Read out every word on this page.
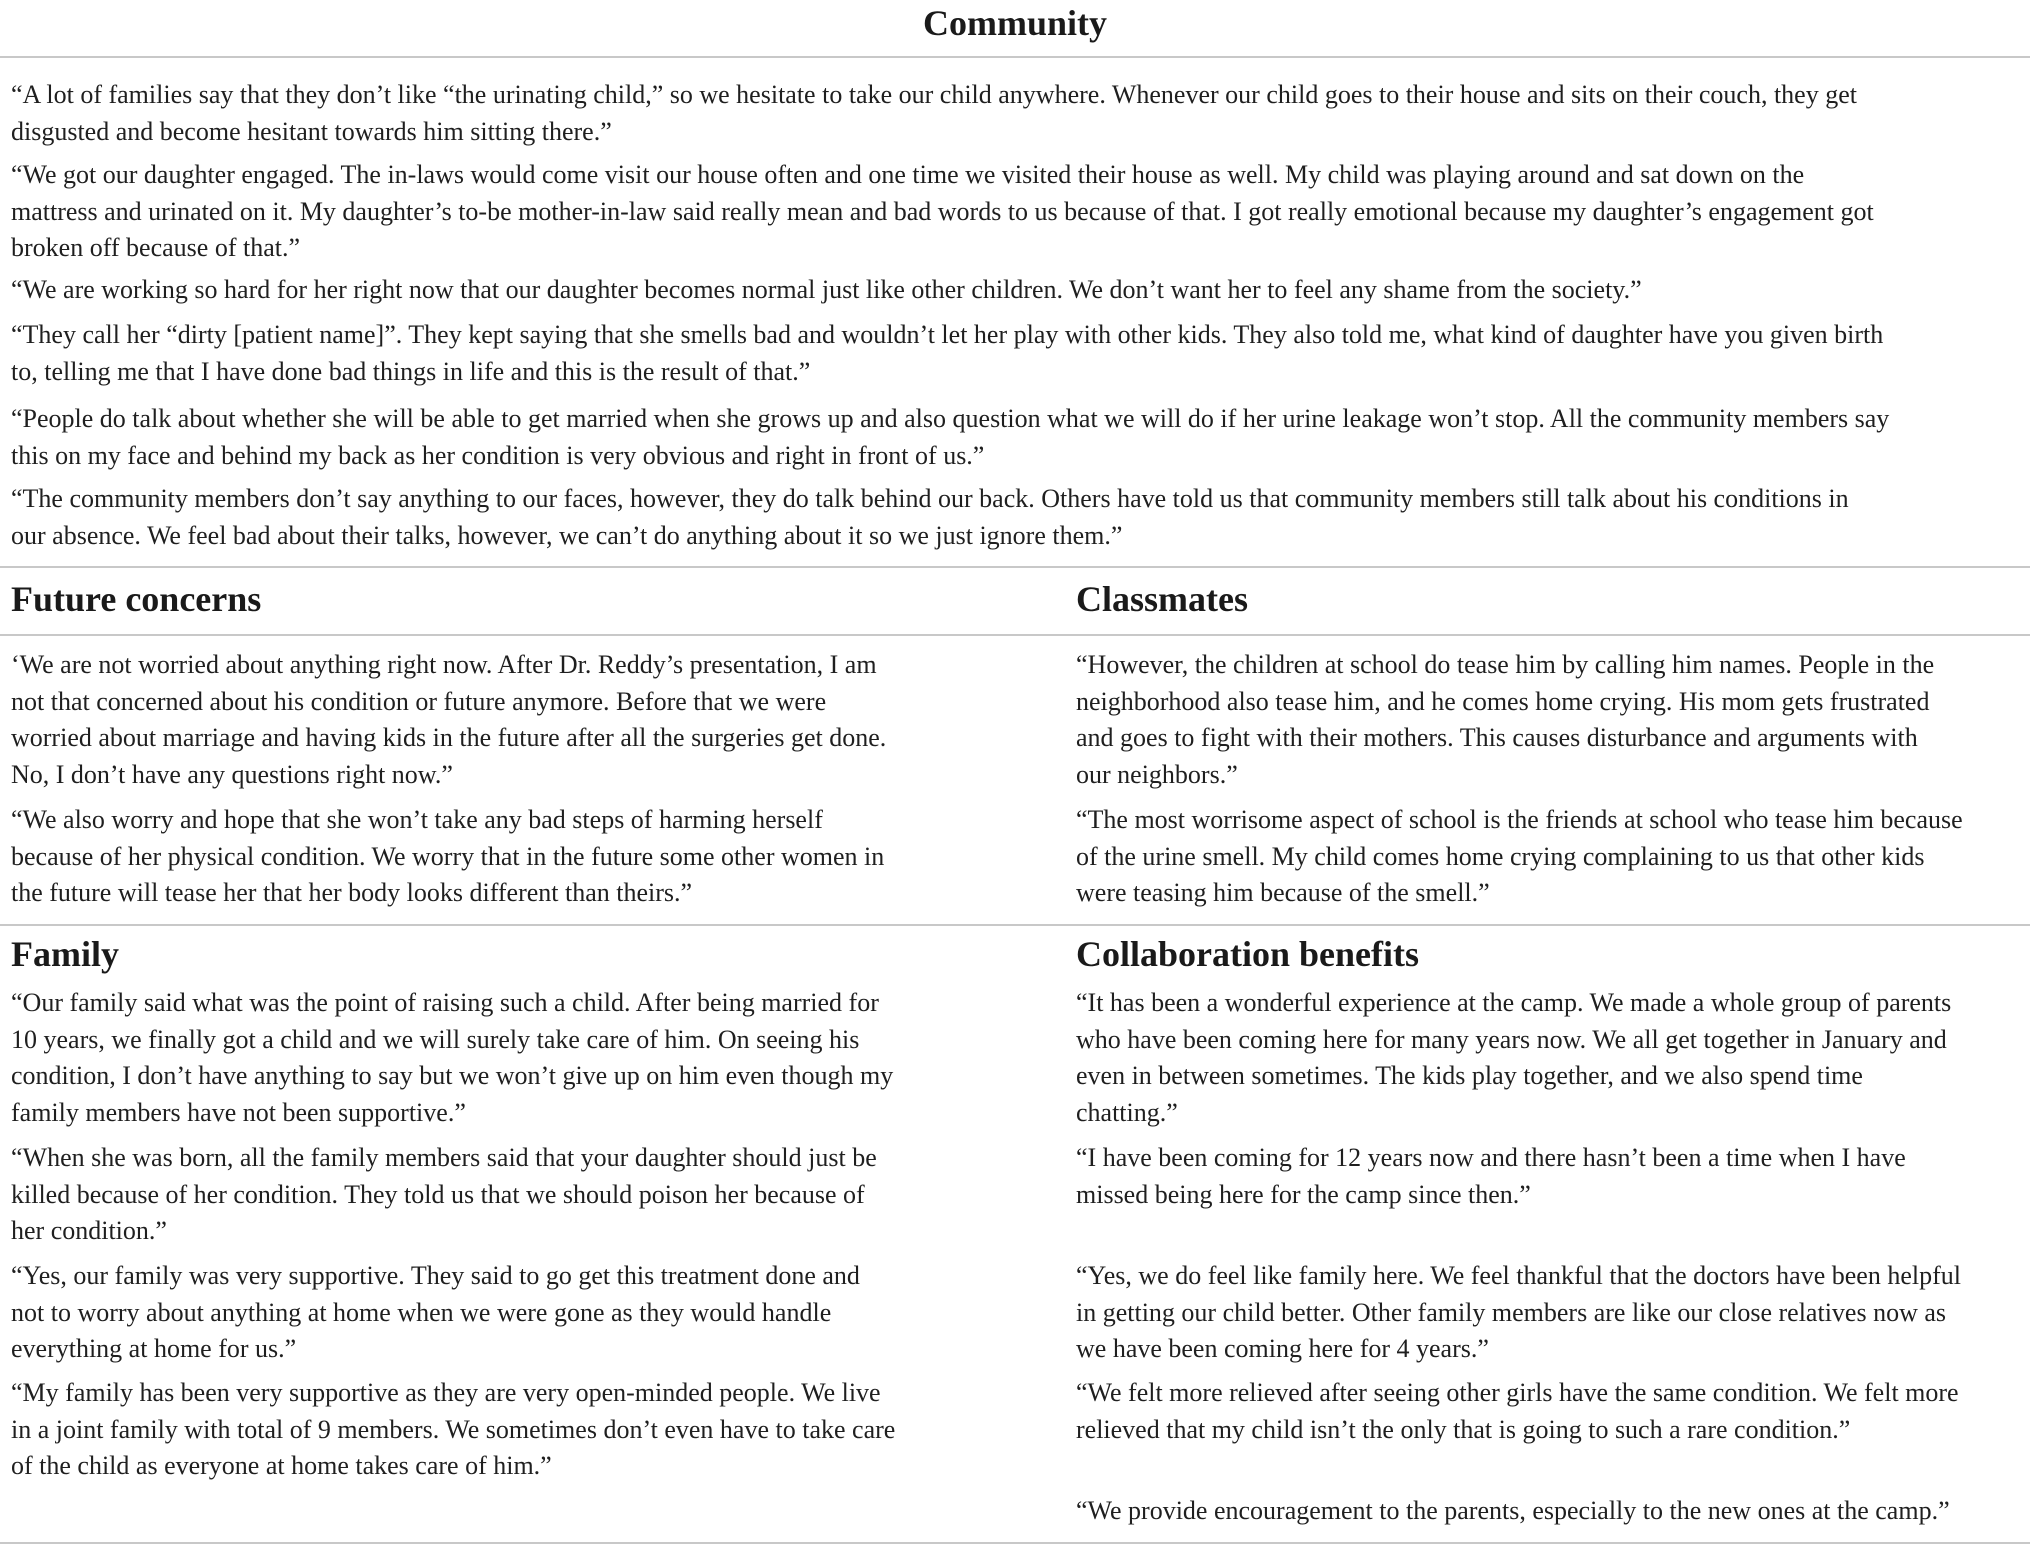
Community

“A lot of families say that they don’t like “the urinating child,” so we hesitate to take our child anywhere. Whenever our child goes to their house and sits on their couch, they get
disgusted and become hesitant towards him sitting there.”

“We got our daughter engaged. The in-laws would come visit our house often and one time we visited their house as well. My child was playing around and sat down on the
mattress and urinated on it. My daughter’s to-be mother-in-law said really mean and bad words to us because of that. I got really emotional because my daughter’s engagement got
broken off because of that.”

“We are working so hard for her right now that our daughter becomes normal just like other children. We don’t want her to feel any shame from the society.”

“They call her “dirty [patient name]”. They kept saying that she smells bad and wouldn’t let her play with other kids. They also told me, what kind of daughter have you given birth
to, telling me that I have done bad things in life and this is the result of that.”

“People do talk about whether she will be able to get married when she grows up and also question what we will do if her urine leakage won’t stop. All the community members say
this on my face and behind my back as her condition is very obvious and right in front of us.”

“The community members don’t say anything to our faces, however, they do talk behind our back. Others have told us that community members still talk about his conditions in
our absence. We feel bad about their talks, however, we can’t do anything about it so we just ignore them.”

Future concerns	Classmates

‘We are not worried about anything right now. After Dr. Reddy’s presentation, I am
not that concerned about his condition or future anymore. Before that we were
worried about marriage and having kids in the future after all the surgeries get done.
No, I don’t have any questions right now.”

“We also worry and hope that she won’t take any bad steps of harming herself
because of her physical condition. We worry that in the future some other women in
the future will tease her that her body looks different than theirs.”

“However, the children at school do tease him by calling him names. People in the
neighborhood also tease him, and he comes home crying. His mom gets frustrated
and goes to fight with their mothers. This causes disturbance and arguments with
our neighbors.”

“The most worrisome aspect of school is the friends at school who tease him because
of the urine smell. My child comes home crying complaining to us that other kids
were teasing him because of the smell.”

Family	Collaboration benefits

“Our family said what was the point of raising such a child. After being married for
10 years, we finally got a child and we will surely take care of him. On seeing his
condition, I don’t have anything to say but we won’t give up on him even though my
family members have not been supportive.”

“When she was born, all the family members said that your daughter should just be
killed because of her condition. They told us that we should poison her because of
her condition.”

“Yes, our family was very supportive. They said to go get this treatment done and
not to worry about anything at home when we were gone as they would handle
everything at home for us.”

“My family has been very supportive as they are very open-minded people. We live
in a joint family with total of 9 members. We sometimes don’t even have to take care
of the child as everyone at home takes care of him.”

“It has been a wonderful experience at the camp. We made a whole group of parents
who have been coming here for many years now. We all get together in January and
even in between sometimes. The kids play together, and we also spend time
chatting.”

“I have been coming for 12 years now and there hasn’t been a time when I have
missed being here for the camp since then.”

“Yes, we do feel like family here. We feel thankful that the doctors have been helpful
in getting our child better. Other family members are like our close relatives now as
we have been coming here for 4 years.”

“We felt more relieved after seeing other girls have the same condition. We felt more
relieved that my child isn’t the only that is going to such a rare condition.”

“We provide encouragement to the parents, especially to the new ones at the camp.”
